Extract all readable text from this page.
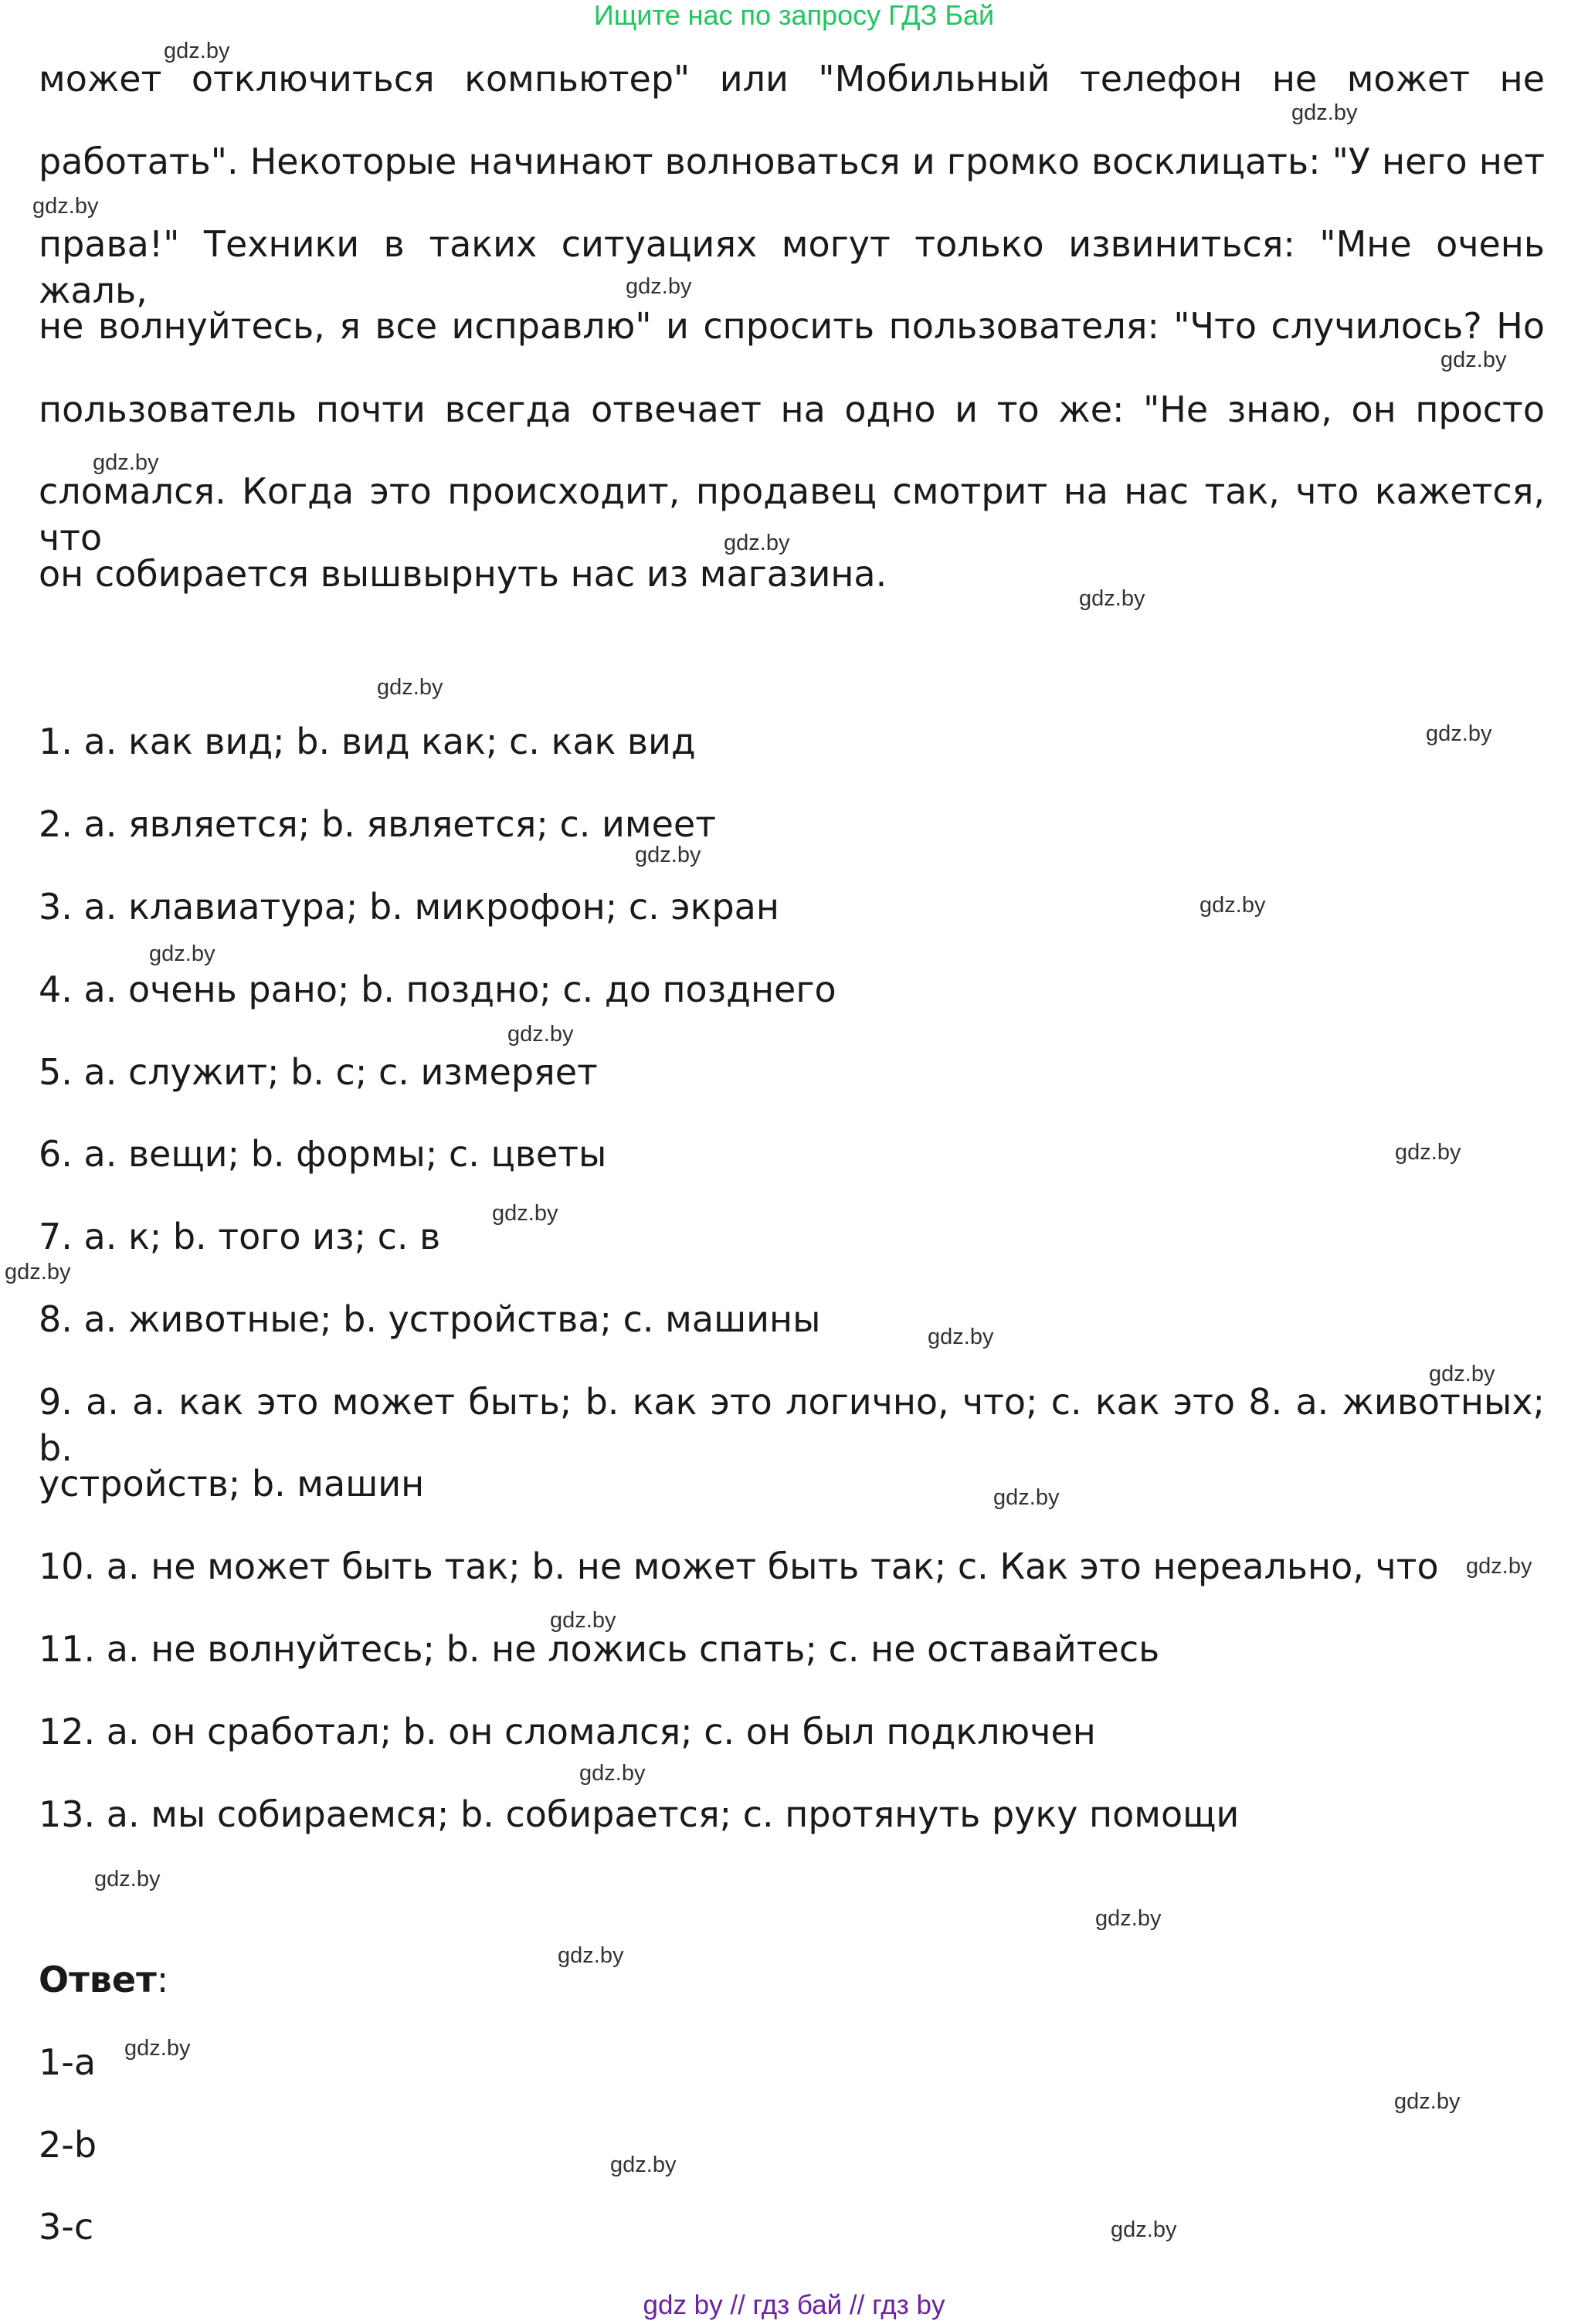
Ищите нас по запросу ГДЗ Бай
может отключиться компьютер" или "Мобильный телефон не может не
работать". Некоторые начинают волноваться и громко восклицать: "У него нет
права!" Техники в таких ситуациях могут только извиниться: "Мне очень жаль,
не волнуйтесь, я все исправлю" и спросить пользователя: "Что случилось? Но
пользователь почти всегда отвечает на одно и то же: "Не знаю, он просто
сломался. Когда это происходит, продавец смотрит на нас так, что кажется, что
он собирается вышвырнуть нас из магазина.
1. a. как вид; b. вид как; c. как вид
2. a. является; b. является; c. имеет
3. a. клавиатура; b. микрофон; c. экран
4. a. очень рано; b. поздно; c. до позднего
5. a. служит; b. с; c. измеряет
6. a. вещи; b. формы; c. цветы
7. a. к; b. того из; c. в
8. a. животные; b. устройства; c. машины
9. a. a. как это может быть; b. как это логично, что; c. как это 8. a. животных; b.
устройств; b. машин
10. a. не может быть так; b. не может быть так; c. Как это нереально, что
11. a. не волнуйтесь; b. не ложись спать; c. не оставайтесь
12. a. он сработал; b. он сломался; c. он был подключен
13. a. мы собираемся; b. собирается; c. протянуть руку помощи
Ответ:
1-a
2-b
3-c
gdz.by
gdz.by
gdz.by
gdz.by
gdz.by
gdz.by
gdz.by
gdz.by
gdz.by
gdz.by
gdz.by
gdz.by
gdz.by
gdz.by
gdz.by
gdz.by
gdz.by
gdz.by
gdz.by
gdz.by
gdz.by
gdz.by
gdz.by
gdz.by
gdz.by
gdz.by
gdz.by
gdz.by
gdz.by
gdz.by
gdz by // гдз бай // гдз by
